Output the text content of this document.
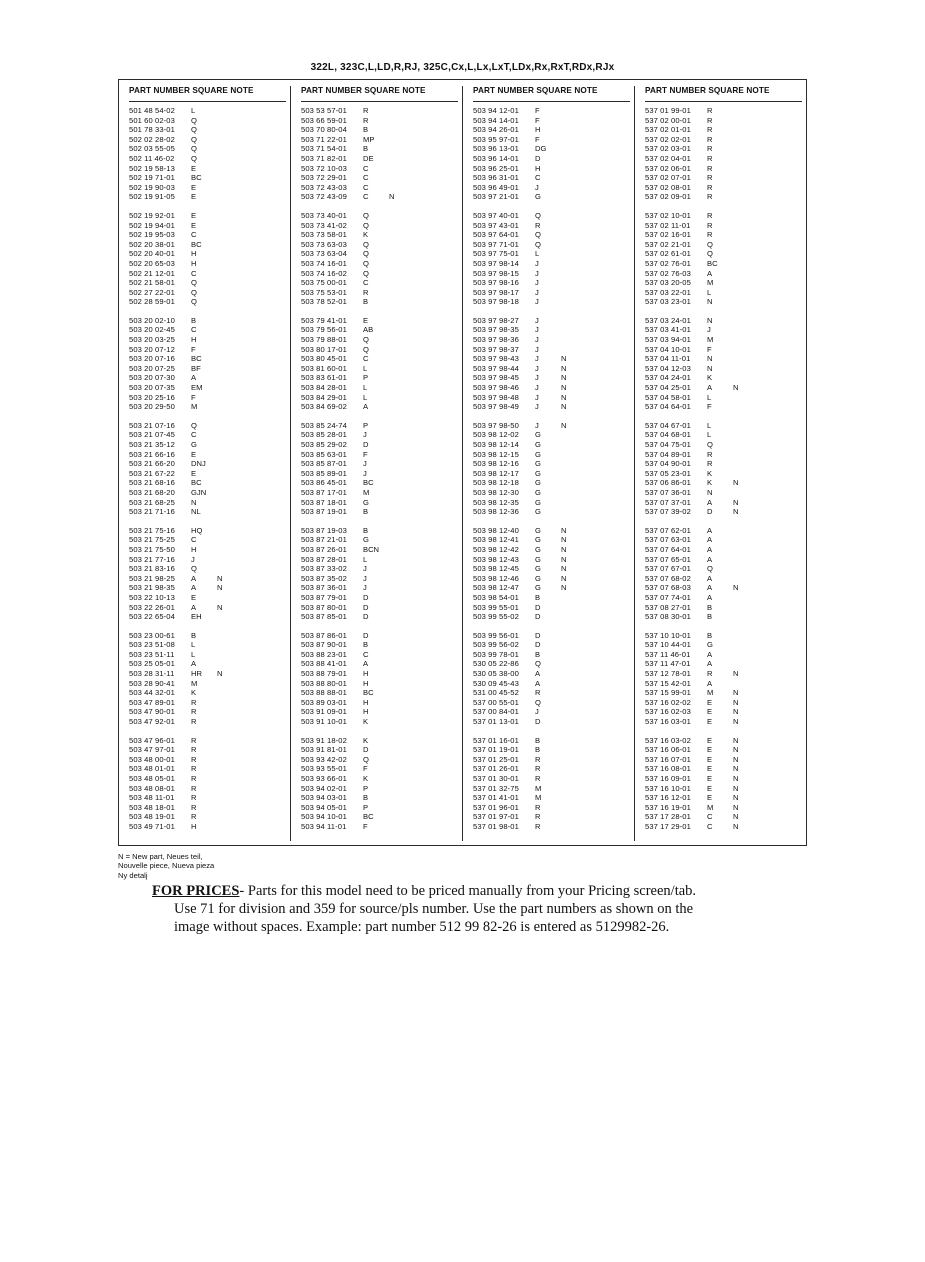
322L, 323C,L,LD,R,RJ, 325C,Cx,L,Lx,LxT,LDx,Rx,RxT,RDx,RJx
PART NUMBER SQUARE NOTE
501 48 54-02	L
501 60 02-03	Q
501 78 33-01	Q
502 02 28-02	Q
502 03 55-05	Q
502 11 46-02	Q
502 19 58-13	E
502 19 71-01	BC
502 19 90-03	E
502 19 91-05	E
502 19 92-01	E
502 19 94-01	E
502 19 95-03	C
502 20 38-01	BC
502 20 40-01	H
502 20 65-03	H
502 21 12-01	C
502 21 58-01	Q
502 27 22-01	Q
502 28 59-01	Q
503 20 02-10	B
503 20 02-45	C
503 20 03-25	H
503 20 07-12	F
503 20 07-16	BC
503 20 07-25	BF
503 20 07-30	A
503 20 07-35	EM
503 20 25-16	F
503 20 29-50	M
503 21 07-16	Q
503 21 07-45	C
503 21 35-12	G
503 21 66-16	E
503 21 66-20	DNJ
503 21 67-22	E
503 21 68-16	BC
503 21 68-20	GJN
503 21 68-25	N
503 21 71-16	NL
503 21 75-16	HQ
503 21 75-25	C
503 21 75-50	H
503 21 77-16	J
503 21 83-16	Q
503 21 98-25	A	N
503 21 98-35	A	N
503 22 10-13	E
503 22 26-01	A	N
503 22 65-04	EH
503 23 00-61	B
503 23 51-08	L
503 23 51-11	L
503 25 05-01	A
503 28 31-11	HR	N
503 28 90-41	M
503 44 32-01	K
503 47 89-01	R
503 47 90-01	R
503 47 92-01	R
503 47 96-01	R
503 47 97-01	R
503 48 00-01	R
503 48 01-01	R
503 48 05-01	R
503 48 08-01	R
503 48 11-01	R
503 48 18-01	R
503 48 19-01	R
503 49 71-01	H
PART NUMBER SQUARE NOTE
503 53 57-01	R
503 66 59-01	R
503 70 80-04	B
503 71 22-01	MP
503 71 54-01	B
503 71 82-01	DE
503 72 10-03	C
503 72 29-01	C
503 72 43-03	C
503 72 43-09	C	N
503 73 40-01	Q
503 73 41-02	Q
503 73 58-01	K
503 73 63-03	Q
503 73 63-04	Q
503 74 16-01	Q
503 74 16-02	Q
503 75 00-01	C
503 75 53-01	R
503 78 52-01	B
503 79 41-01	E
503 79 56-01	AB
503 79 88-01	Q
503 80 17-01	Q
503 80 45-01	C
503 81 60-01	L
503 83 61-01	P
503 84 28-01	L
503 84 29-01	L
503 84 69-02	A
503 85 24-74	P
503 85 28-01	J
503 85 29-02	D
503 85 63-01	F
503 85 87-01	J
503 85 89-01	J
503 86 45-01	BC
503 87 17-01	M
503 87 18-01	G
503 87 19-01	B
503 87 19-03	B
503 87 21-01	G
503 87 26-01	BCN
503 87 28-01	L
503 87 33-02	J
503 87 35-02	J
503 87 36-01	J
503 87 79-01	D
503 87 80-01	D
503 87 85-01	D
503 87 86-01	D
503 87 90-01	B
503 88 23-01	C
503 88 41-01	A
503 88 79-01	H
503 88 80-01	H
503 88 88-01	BC
503 89 03-01	H
503 91 09-01	H
503 91 10-01	K
503 91 18-02	K
503 91 81-01	D
503 93 42-02	Q
503 93 55-01	F
503 93 66-01	K
503 94 02-01	P
503 94 03-01	B
503 94 05-01	P
503 94 10-01	BC
503 94 11-01	F
PART NUMBER SQUARE NOTE
503 94 12-01	F
503 94 14-01	F
503 94 26-01	H
503 95 97-01	F
503 96 13-01	DG
503 96 14-01	D
503 96 25-01	H
503 96 31-01	C
503 96 49-01	J
503 97 21-01	G
503 97 40-01	Q
503 97 43-01	R
503 97 64-01	Q
503 97 71-01	Q
503 97 75-01	L
503 97 98-14	J
503 97 98-15	J
503 97 98-16	J
503 97 98-17	J
503 97 98-18	J
503 97 98-27	J
503 97 98-35	J
503 97 98-36	J
503 97 98-37	J
503 97 98-43	J	N
503 97 98-44	J	N
503 97 98-45	J	N
503 97 98-46	J	N
503 97 98-48	J	N
503 97 98-49	J	N
503 97 98-50	J	N
503 98 12-02	G
503 98 12-14	G
503 98 12-15	G
503 98 12-16	G
503 98 12-17	G
503 98 12-18	G
503 98 12-30	G
503 98 12-35	G
503 98 12-36	G
503 98 12-40	G	N
503 98 12-41	G	N
503 98 12-42	G	N
503 98 12-43	G	N
503 98 12-45	G	N
503 98 12-46	G	N
503 98 12-47	G	N
503 98 54-01	B
503 99 55-01	D
503 99 55-02	D
503 99 56-01	D
503 99 56-02	D
503 99 78-01	B
530 05 22-86	Q
530 05 38-00	A
530 09 45-43	A
531 00 45-52	R
537 00 55-01	Q
537 00 84-01	J
537 01 13-01	D
537 01 16-01	B
537 01 19-01	B
537 01 25-01	R
537 01 26-01	R
537 01 30-01	R
537 01 32-75	M
537 01 41-01	M
537 01 96-01	R
537 01 97-01	R
537 01 98-01	R
PART NUMBER SQUARE NOTE
537 01 99-01	R
537 02 00-01	R
537 02 01-01	R
537 02 02-01	R
537 02 03-01	R
537 02 04-01	R
537 02 06-01	R
537 02 07-01	R
537 02 08-01	R
537 02 09-01	R
537 02 10-01	R
537 02 11-01	R
537 02 16-01	R
537 02 21-01	Q
537 02 61-01	Q
537 02 76-01	BC
537 02 76-03	A
537 03 20-05	M
537 03 22-01	L
537 03 23-01	N
537 03 24-01	N
537 03 41-01	J
537 03 94-01	M
537 04 10-01	F
537 04 11-01	N
537 04 12-03	N
537 04 24-01	K
537 04 25-01	A	N
537 04 58-01	L
537 04 64-01	F
537 04 67-01	L
537 04 68-01	L
537 04 75-01	Q
537 04 89-01	R
537 04 90-01	R
537 05 23-01	K
537 06 86-01	K	N
537 07 36-01	N
537 07 37-01	A	N
537 07 39-02	D	N
537 07 62-01	A
537 07 63-01	A
537 07 64-01	A
537 07 65-01	A
537 07 67-01	Q
537 07 68-02	A
537 07 68-03	A	N
537 07 74-01	A
537 08 27-01	B
537 08 30-01	B
537 10 10-01	B
537 10 44-01	G
537 11 46-01	A
537 11 47-01	A
537 12 78-01	R	N
537 15 42-01	A
537 15 99-01	M	N
537 16 02-02	E	N
537 16 02-03	E	N
537 16 03-01	E	N
537 16 03-02	E	N
537 16 06-01	E	N
537 16 07-01	E	N
537 16 08-01	E	N
537 16 09-01	E	N
537 16 10-01	E	N
537 16 12-01	E	N
537 16 19-01	M	N
537 17 28-01	C	N
537 17 29-01	C	N
N = New part, Neues teil,
Nouvelle piece, Nueva pieza
Ny detalj

FOR PRICES- Parts for this model need to be priced manually from your Pricing screen/tab.

Use 71 for division and 359 for source/pls number. Use the part numbers as shown on the

image without spaces. Example: part number 512 99 82-26 is entered as 5129982-26.
